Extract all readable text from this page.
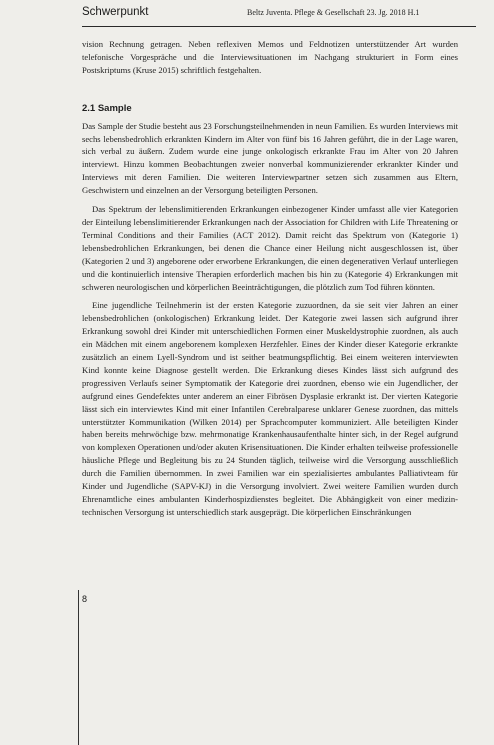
Schwerpunkt	Beltz Juventa. Pflege & Gesellschaft 23. Jg. 2018 H.1

vision Rechnung getragen. Neben reflexiven Memos und Feldnotizen unterstützender Art wurden telefonische Vorgespräche und die Interviewsituationen im Nachgang strukturiert in Form eines Postskriptums (Kruse 2015) schriftlich festgehalten.

2.1 Sample

Das Sample der Studie besteht aus 23 Forschungsteilnehmenden in neun Familien. Es wurden Interviews mit sechs lebensbedrohlich erkrankten Kindern im Alter von fünf bis 16 Jahren geführt, die in der Lage waren, sich verbal zu äußern. Zudem wurde eine junge onkologisch erkrankte Frau im Alter von 20 Jahren interviewt. Hinzu kommen Beobachtungen zweier nonverbal kommunizierender erkrankter Kinder und Interviews mit deren Familien. Die weiteren Interviewpartner setzen sich zusammen aus Eltern, Geschwistern und einzelnen an der Versorgung beteiligten Personen.

Das Spektrum der lebenslimitierenden Erkrankungen einbezogener Kinder umfasst alle vier Kategorien der Einteilung lebenslimitierender Erkrankungen nach der Association for Children with Life Threatening or Terminal Conditions and their Families (ACT 2012). Damit reicht das Spektrum von (Kategorie 1) lebensbedrohlichen Erkrankungen, bei denen die Chance einer Heilung nicht ausgeschlossen ist, über (Kategorien 2 und 3) angeborene oder erworbene Erkrankungen, die einen degenerativen Verlauf unterliegen und die kontinuierlich intensive Therapien erforderlich machen bis hin zu (Kategorie 4) Erkrankungen mit schweren neurologischen und körperlichen Beeinträchtigungen, die plötzlich zum Tod führen könnten.

Eine jugendliche Teilnehmerin ist der ersten Kategorie zuzuordnen, da sie seit vier Jahren an einer lebensbedrohlichen (onkologischen) Erkrankung leidet. Der Kategorie zwei lassen sich aufgrund ihrer Erkrankung sowohl drei Kinder mit unterschiedlichen Formen einer Muskeldystrophie zuordnen, als auch ein Mädchen mit einem angeborenem komplexen Herzfehler. Eines der Kinder dieser Kategorie erkrankte zusätzlich an einem Lyell-Syndrom und ist seither beatmungspflichtig. Bei einem weiteren interviewten Kind konnte keine Diagnose gestellt werden. Die Erkrankung dieses Kindes lässt sich aufgrund des progressiven Verlaufs seiner Symptomatik der Kategorie drei zuordnen, ebenso wie ein Jugendlicher, der aufgrund eines Gendefektes unter anderem an einer Fibrösen Dysplasie erkrankt ist. Der vierten Kategorie lässt sich ein interviewtes Kind mit einer Infantilen Cerebralparese unklarer Genese zuordnen, das mittels unterstützter Kommunikation (Wilken 2014) per Sprachcomputer kommuniziert. Alle beteiligten Kinder haben bereits mehrwöchige bzw. mehrmonatige Krankenhausaufenthalte hinter sich, in der Regel aufgrund von komplexen Operationen und/oder akuten Krisensituationen. Die Kinder erhalten teilweise professionelle häusliche Pflege und Begleitung bis zu 24 Stunden täglich, teilweise wird die Versorgung ausschließlich durch die Familien übernommen. In zwei Familien war ein spezialisiertes ambulantes Palliativteam für Kinder und Jugendliche (SAPV-KJ) in die Versorgung involviert. Zwei weitere Familien wurden durch Ehrenamtliche eines ambulanten Kinderhospizdienstes begleitet. Die Abhängigkeit von einer medizin-technischen Versorgung ist unterschiedlich stark ausgeprägt. Die körperlichen Einschränkungen

8
